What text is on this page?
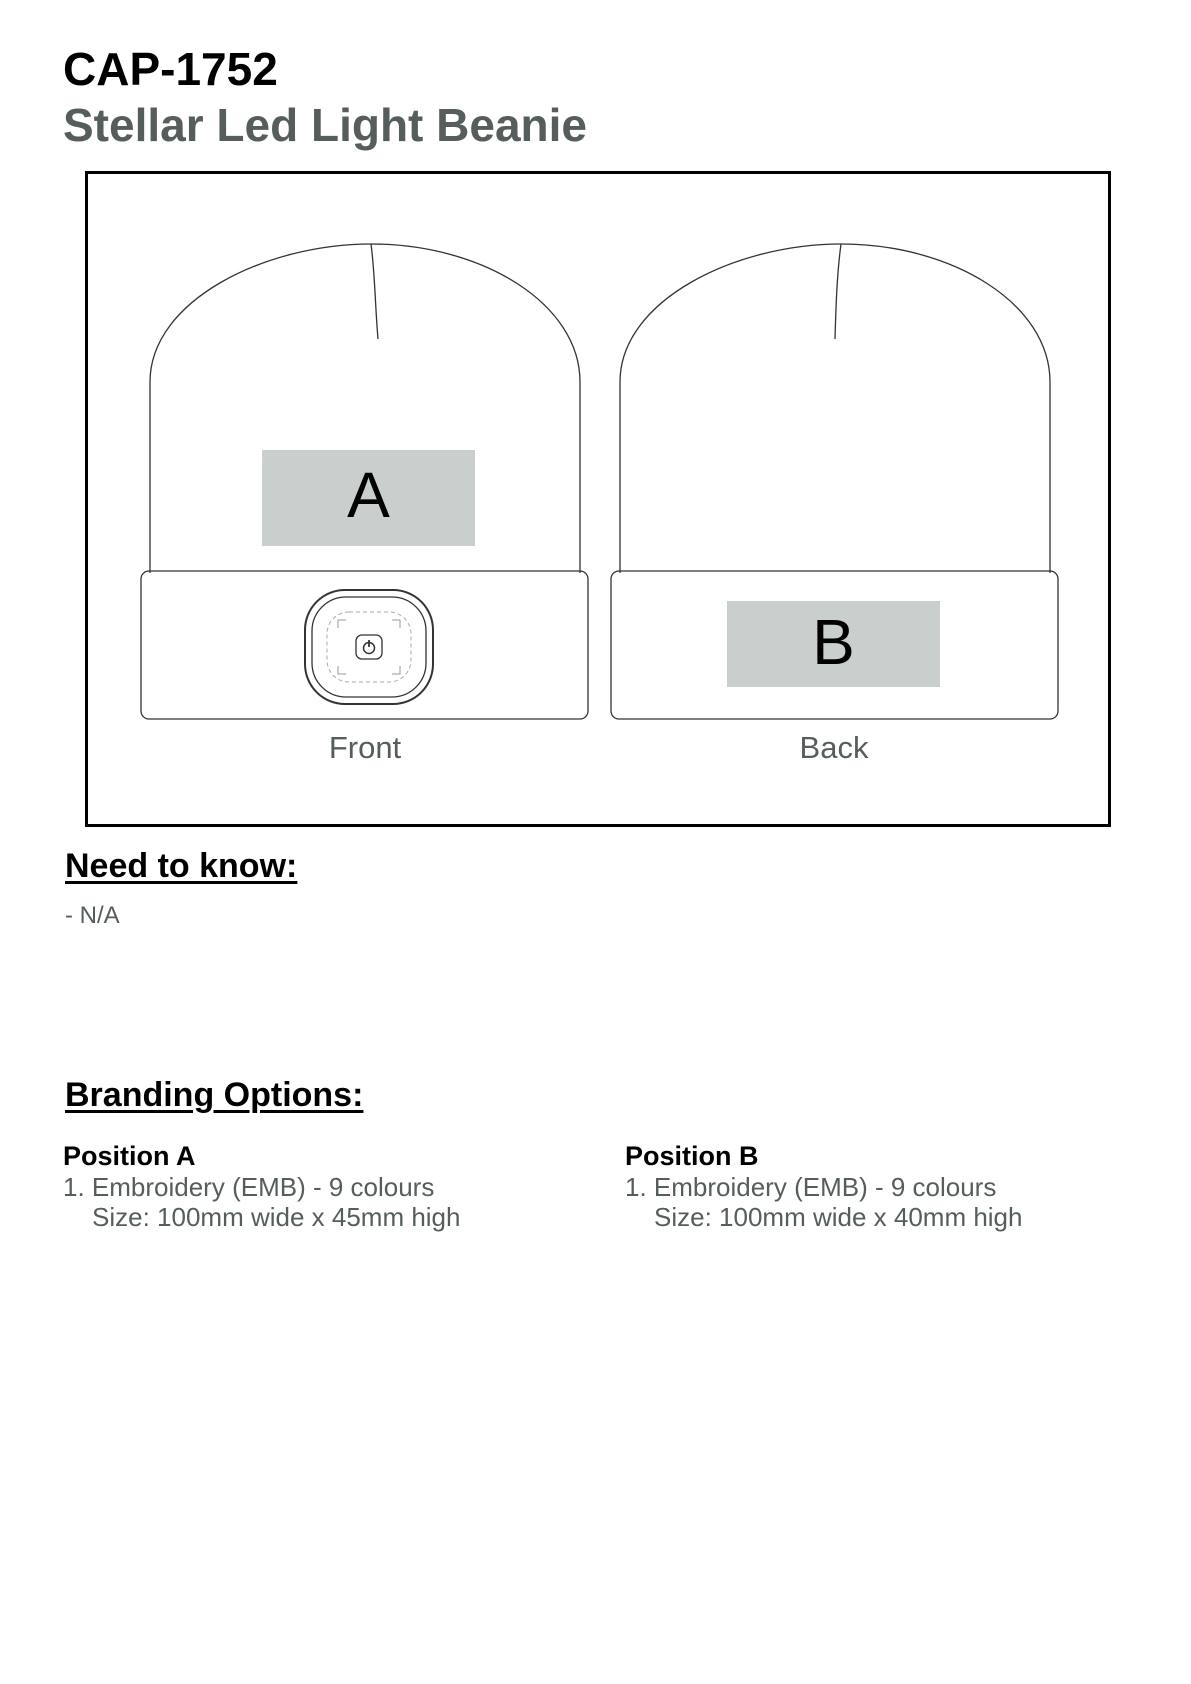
CAP-1752
Stellar Led Light Beanie
A
B
Front	Back
Need to know:
- N/A
Branding Options:
Position A
1. Embroidery (EMB) - 9 colours
Size: 100mm wide x 45mm high
Position B
1. Embroidery (EMB) - 9 colours
Size: 100mm wide x 40mm high
